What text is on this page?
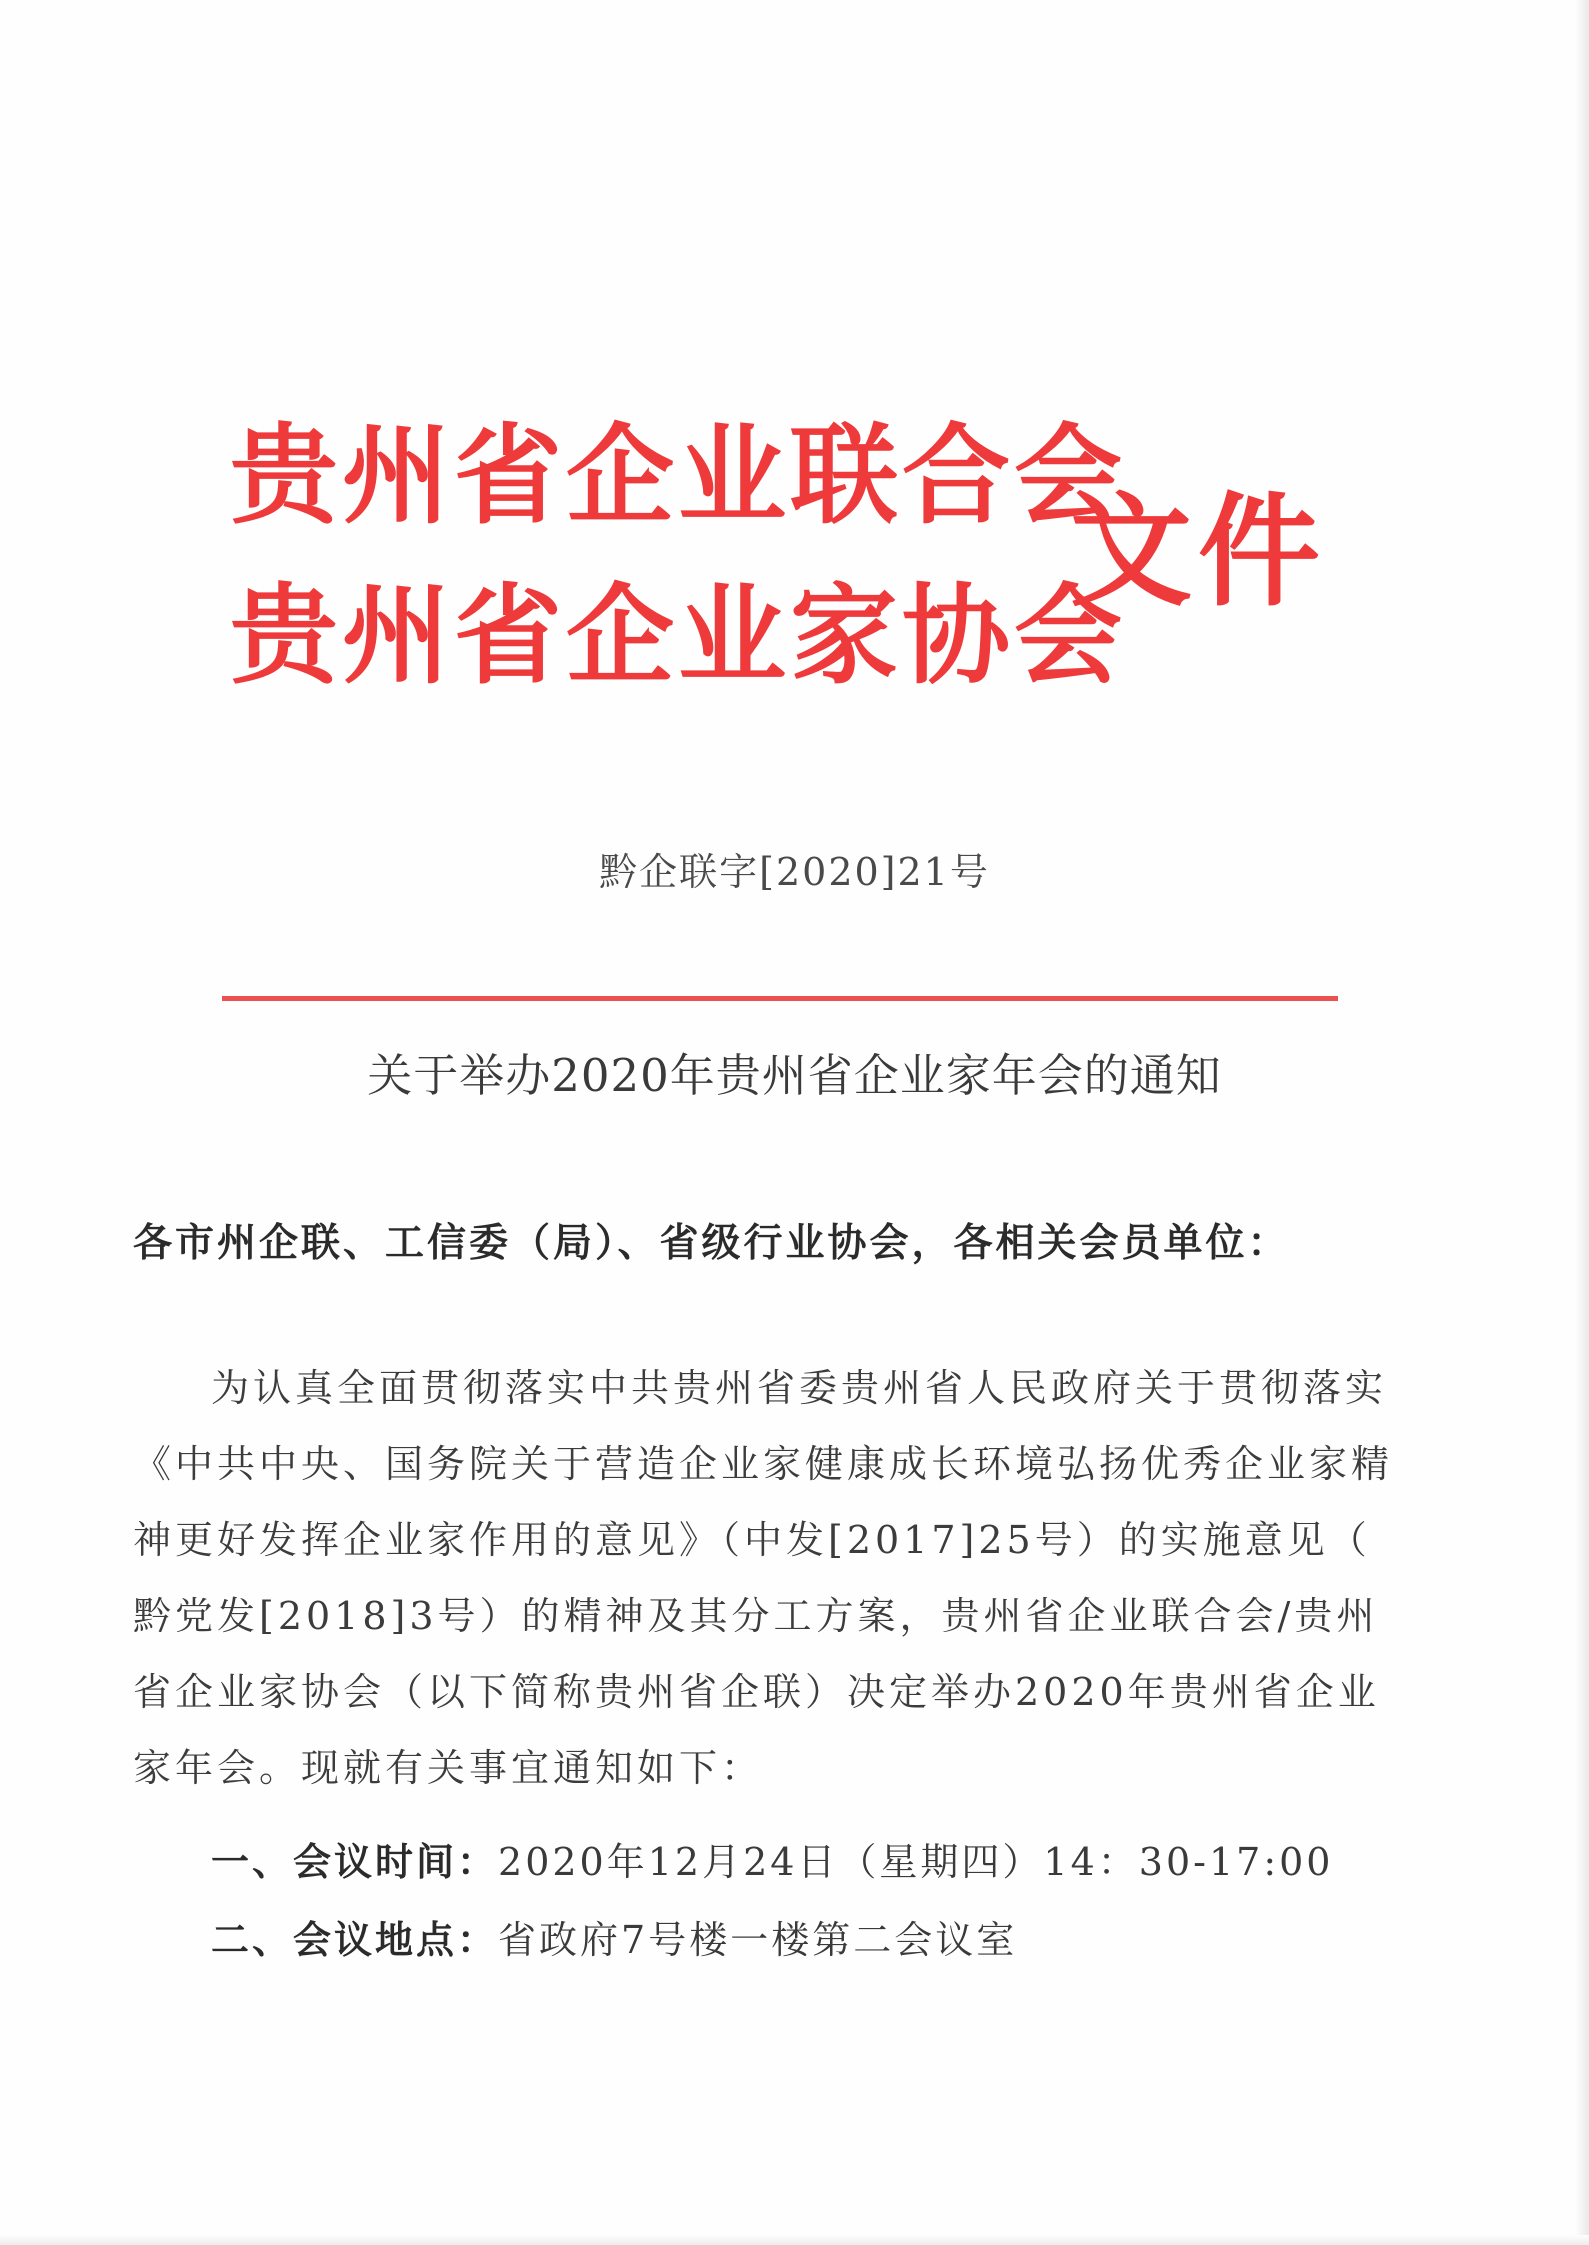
贵州省企业联合会
贵州省企业家协会
文件
黔企联字[2020]21号
关于举办2020年贵州省企业家年会的通知
各市州企联、工信委（局）、省级行业协会，各相关会员单位：
为认真全面贯彻落实中共贵州省委贵州省人民政府关于贯彻落实
《中共中央、国务院关于营造企业家健康成长环境弘扬优秀企业家精
神更好发挥企业家作用的意见》（中发[2017]25号）的实施意见（
黔党发[2018]3号）的精神及其分工方案，贵州省企业联合会/贵州
省企业家协会（以下简称贵州省企联）决定举办2020年贵州省企业
家年会。现就有关事宜通知如下：
一、会议时间：2020年12月24日（星期四）14：30-17:00
二、会议地点：省政府7号楼一楼第二会议室
